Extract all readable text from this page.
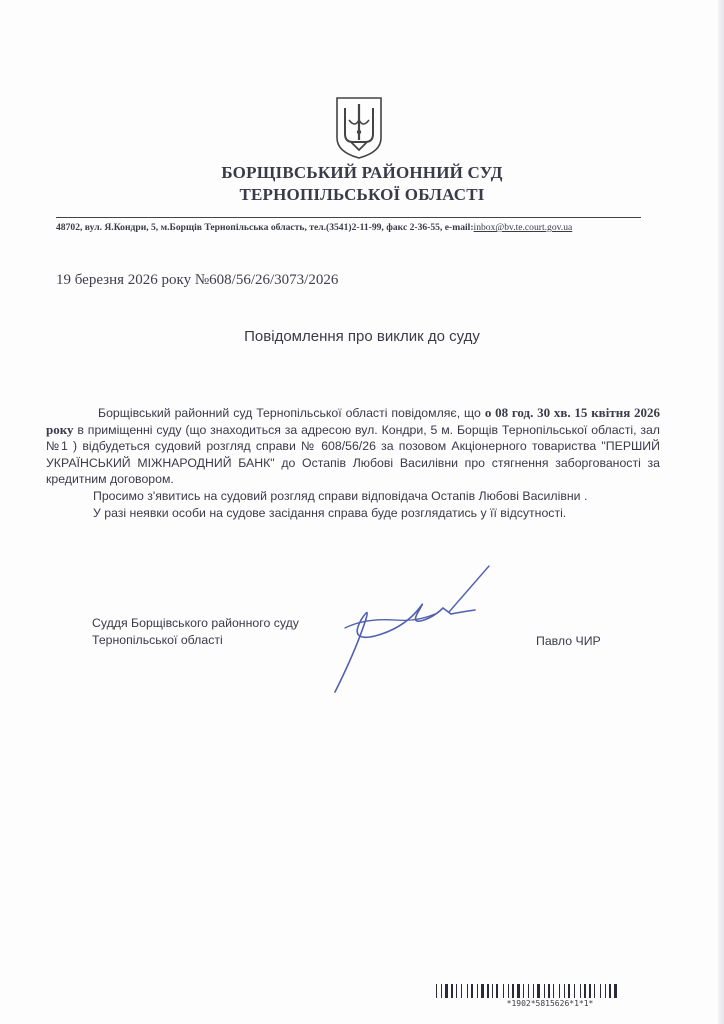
БОРЩІВСЬКИЙ РАЙОННИЙ СУД
ТЕРНОПІЛЬСЬКОЇ ОБЛАСТІ
48702, вул. Я.Кондри, 5, м.Борщів Тернопільська область, тел.(3541)2-11-99, факс 2-36-55, e-mail:inbox@bv.te.court.gov.ua
19 березня 2026 року №608/56/26/3073/2026
Повідомлення про виклик до суду

Борщівський районний суд Тернопільської області повідомляє, що о 08 год. 30 хв. 15 квітня 2026 року в приміщенні суду (що знаходиться за адресою вул. Кондри, 5 м. Борщів Тернопільської області, зал №1 ) відбудеться судовий розгляд справи № 608/56/26 за позовом Акціонерного товариства "ПЕРШИЙ УКРАЇНСЬКИЙ МІЖНАРОДНИЙ БАНК" до Остапів Любові Василівни про стягнення заборгованості за кредитним договором.

Просимо з'явитись на судовий розгляд справи відповідача Остапів Любові Василівни .

У разі неявки особи на судове засідання справа буде розглядатись у її відсутності.

Суддя Борщівського районного суду
Тернопільської області	Павло ЧИР
*1902*5815626*1*1*
